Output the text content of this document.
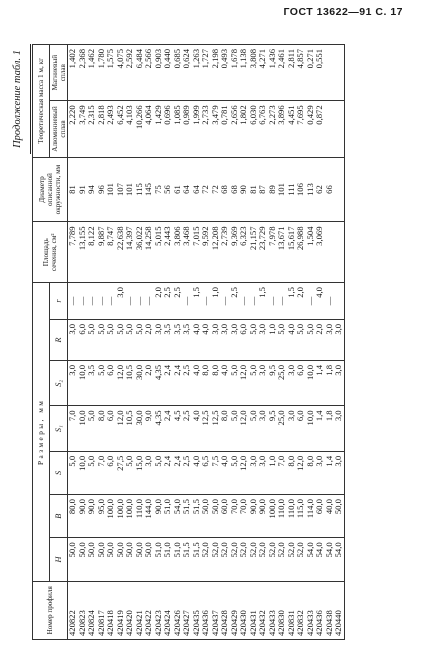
ГОСТ 13622—91 С. 17
Продолжение табл. 1
Номер профиля	Размеры, мм							Площадь сечения, см²	Диаметр описанной окружности, мм	Теоретическая масса 1 м, кг	
	H	B	S	S₁	S₂	R	r			Алюминиевый сплав	Магниевый сплав
420822	50,0	80,0	5,0	7,0	3,0	3,0	—	7,789	81	2,220	1,402
420823	50,0	90,0	10,0	10,0	10,0	6,0	—	13,155	91	3,749	2,368
420824	50,0	90,0	5,0	5,0	3,5	5,0	—	8,122	94	2,315	1,462
420817	50,0	95,0	7,0	8,0	5,0	5,0	—	9,887	96	2,818	1,780
420418	50,0	100,0	6,0	6,0	6,0	5,0	—	8,747	101	2,493	1,575
420419	50,0	100,0	27,5	12,0	12,0	5,0	3,0	22,638	107	6,452	4,075
420420	50,0	100,0	5,0	10,5	10,5	5,0	—	14,397	101	4,103	2,592
420421	50,0	110,0	15,0	30,0	30,0	5,0	—	36,022	115	10,266	6,484
420422	50,0	144,0	3,0	9,0	2,0	2,0	—	14,258	145	4,064	2,566
420423	51,0	90,0	5,0	4,35	4,35	3,0	2,0	5,015	75	1,429	0,903
420424	51,0	51,0	2,4	2,4	2,4	3,5	2,5	2,443	56	0,696	0,440
420426	51,0	54,0	2,4	4,5	2,4	3,5	2,5	3,806	61	1,085	0,685
420427	51,5	51,5	2,5	2,5	2,5	3,5	—	3,468	64	0,989	0,624
420435	51,5	51,5	4,0	4,0	4,0	4,0	1,5	7,015	64	1,999	1,263
420436	52,0	50,0	6,5	12,5	8,0	4,0	—	9,592	72	2,733	1,727
420437	52,0	50,0	7,5	12,5	8,0	3,0	1,0	12,208	72	3,479	2,198
420428	52,0	60,0	4,0	8,0	4,0	3,0	—	2,739	68	0,781	0,493
420429	52,0	70,0	5,0	5,0	5,0	3,0	2,5	9,369	68	2,656	1,678
420430	52,0	70,0	12,0	12,0	12,0	6,0	—	6,323	90	1,802	1,138
420431	52,0	90,0	3,0	5,0	5,0	5,0	—	21,157	81	6,030	3,808
420432	52,0	90,0	3,0	3,0	3,0	3,0	1,5	23,729	87	6,763	4,271
420433	52,0	100,0	1,0	9,5	9,5	1,0	—	7,978	89	2,273	1,436
420830	52,0	110,0	7,0	25,0	25,0	5,0	—	13,671	101	3,896	2,461
420831	52,0	110,0	8,0	3,0	3,0	4,0	1,5	15,617	111	4,451	2,811
420832	52,0	115,0	12,0	6,0	6,0	5,0	2,0	26,988	106	7,695	4,857
420433	54,0	114,0	8,0	10,0	10,0	5,0	—	1,504	113	0,429	0,271
420436	54,0	60,0	3,0	1,4	1,4	2,0	4,0	3,069	62	0,872	0,551
420438	54,0	40,0	1,4	1,8	1,8	3,0	—		66		
420440	54,0	50,0	3,0	3,0	3,0	3,0					
